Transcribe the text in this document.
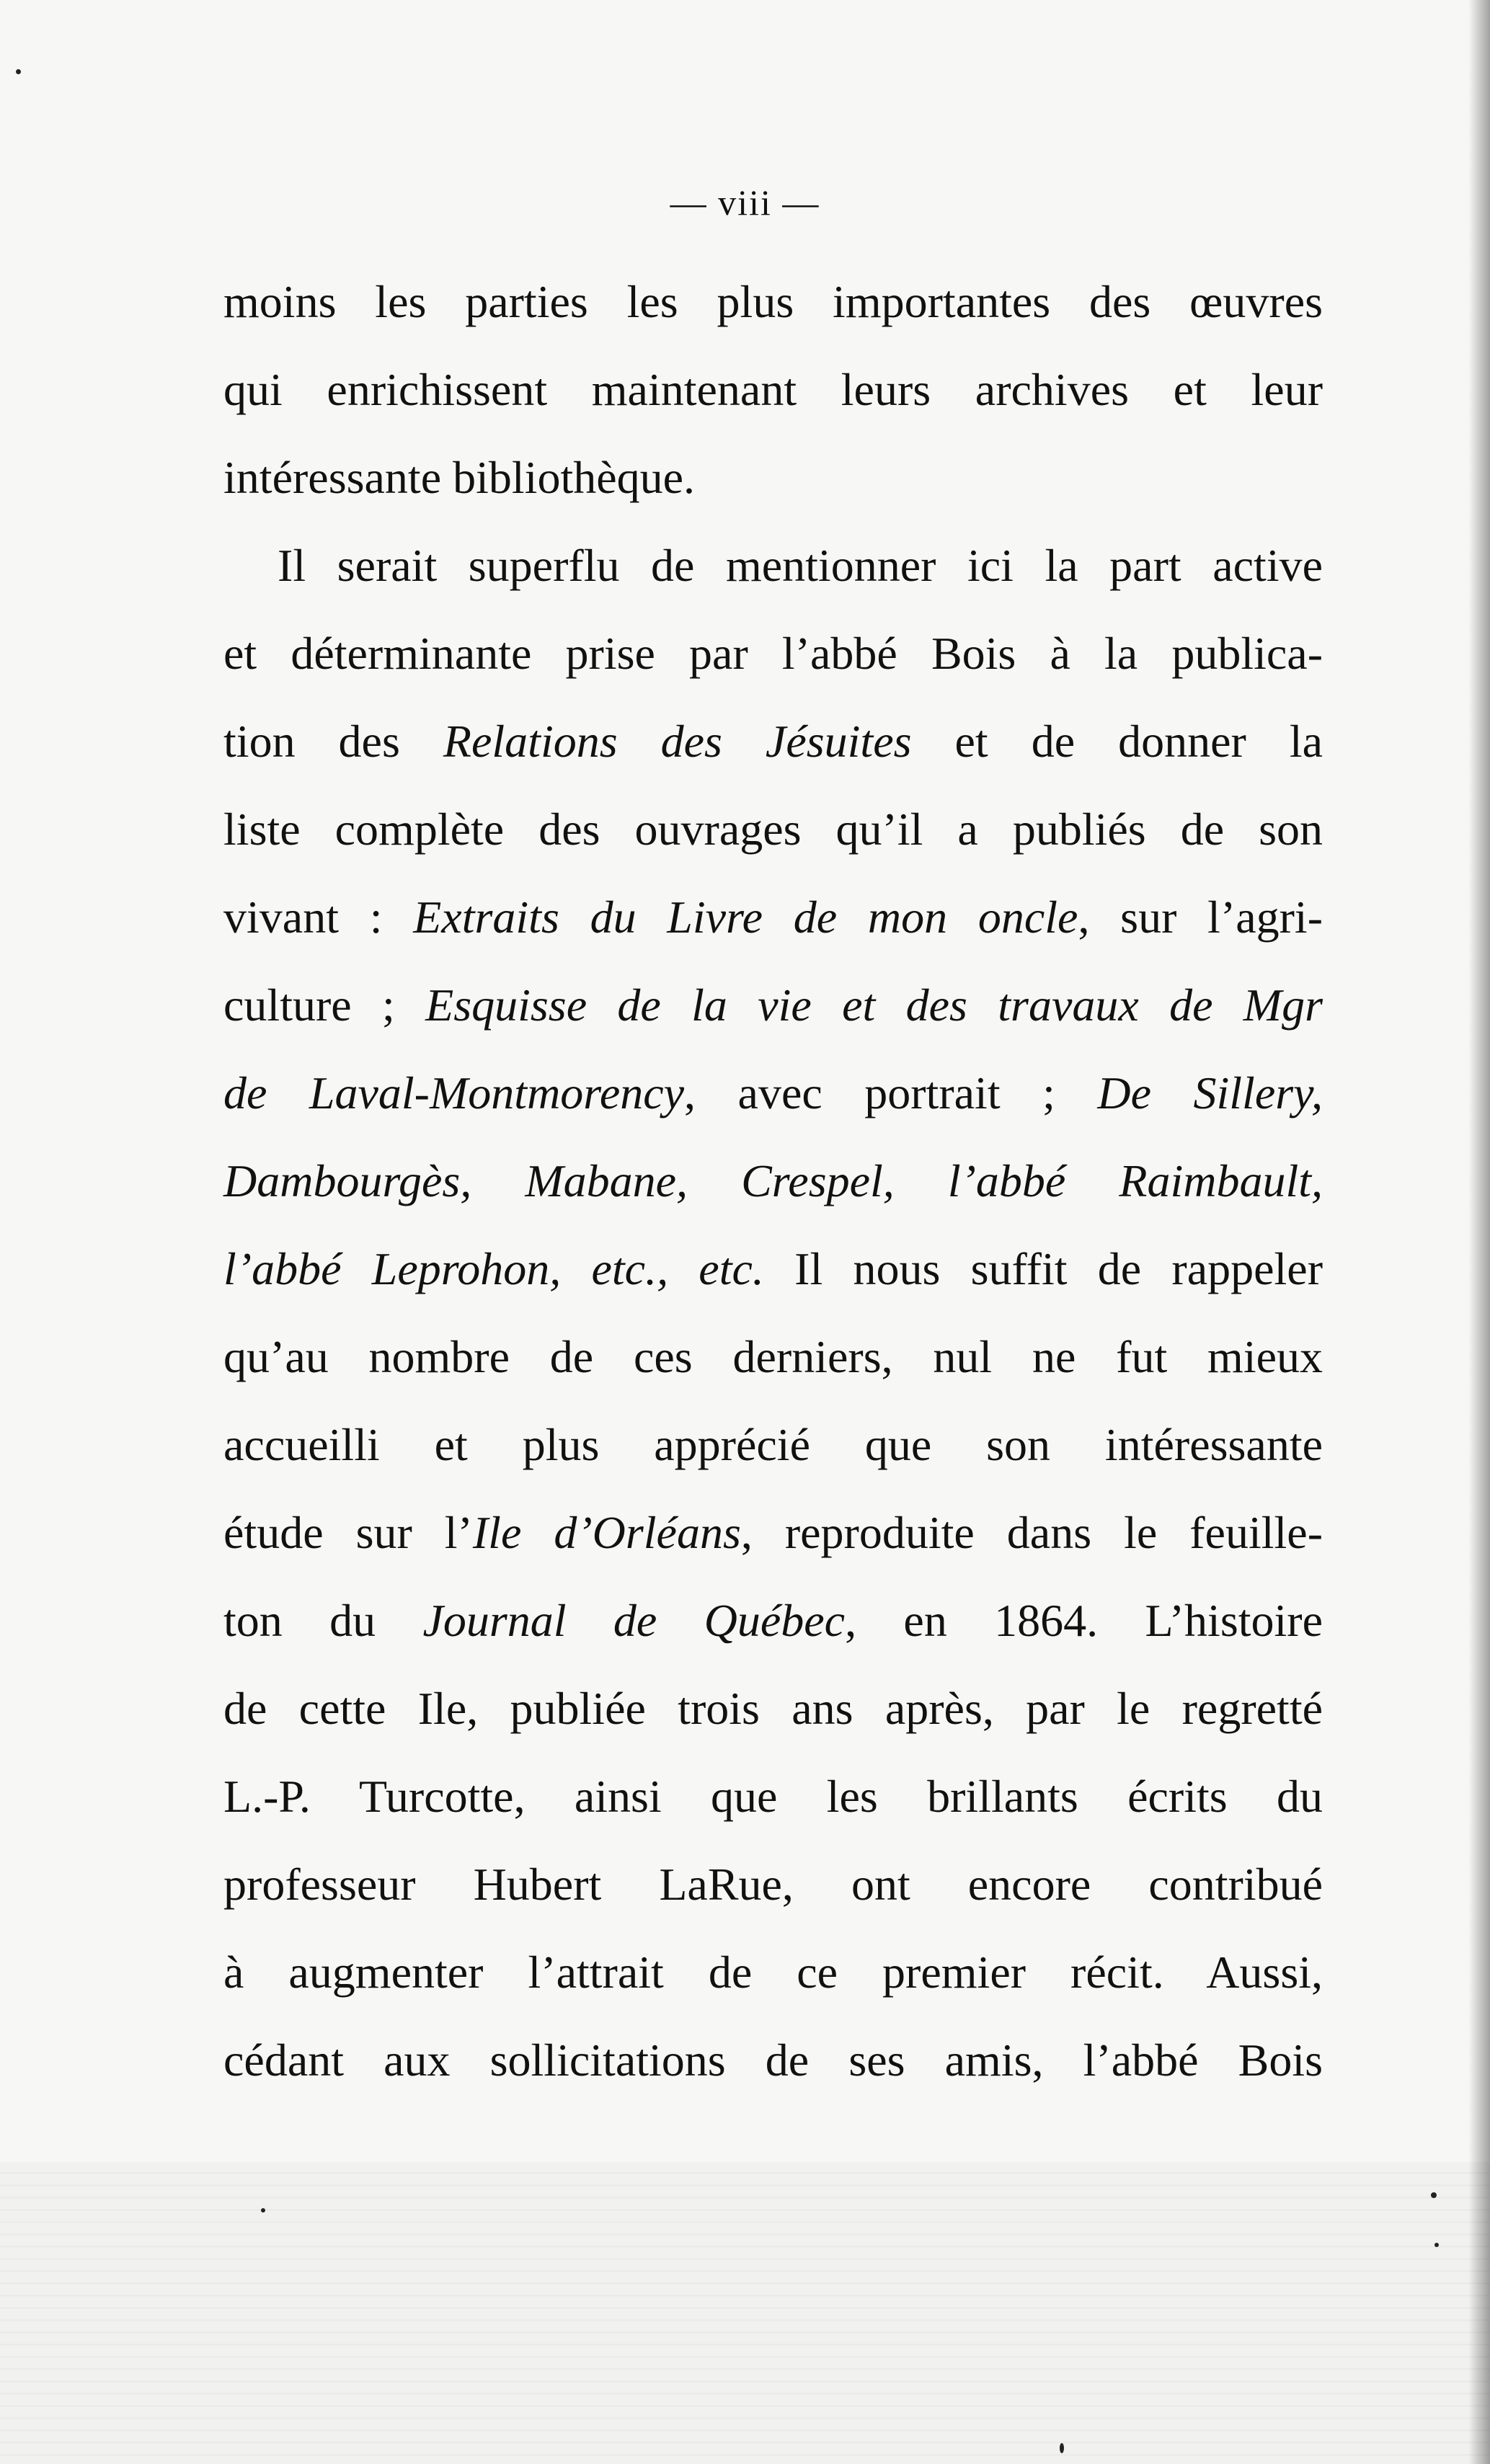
— viii —
moins les parties les plus importantes des œuvres
qui enrichissent maintenant leurs archives et leur
intéressante bibliothèque.
Il serait superflu de mentionner ici la part active
et déterminante prise par l’abbé Bois à la publica-
tion des Relations des Jésuites et de donner la
liste complète des ouvrages qu’il a publiés de son
vivant : Extraits du Livre de mon oncle, sur l’agri-
culture ; Esquisse de la vie et des travaux de Mgr
de Laval-Montmorency, avec portrait ; De Sillery,
Dambourgès, Mabane, Crespel, l’abbé Raimbault,
l’abbé Leprohon, etc., etc. Il nous suffit de rappeler
qu’au nombre de ces derniers, nul ne fut mieux
accueilli et plus apprécié que son intéressante
étude sur l’Ile d’Orléans, reproduite dans le feuille-
ton du Journal de Québec, en 1864. L’histoire
de cette Ile, publiée trois ans après, par le regretté
L.-P. Turcotte, ainsi que les brillants écrits du
professeur Hubert LaRue, ont encore contribué
à augmenter l’attrait de ce premier récit. Aussi,
cédant aux sollicitations de ses amis, l’abbé Bois
